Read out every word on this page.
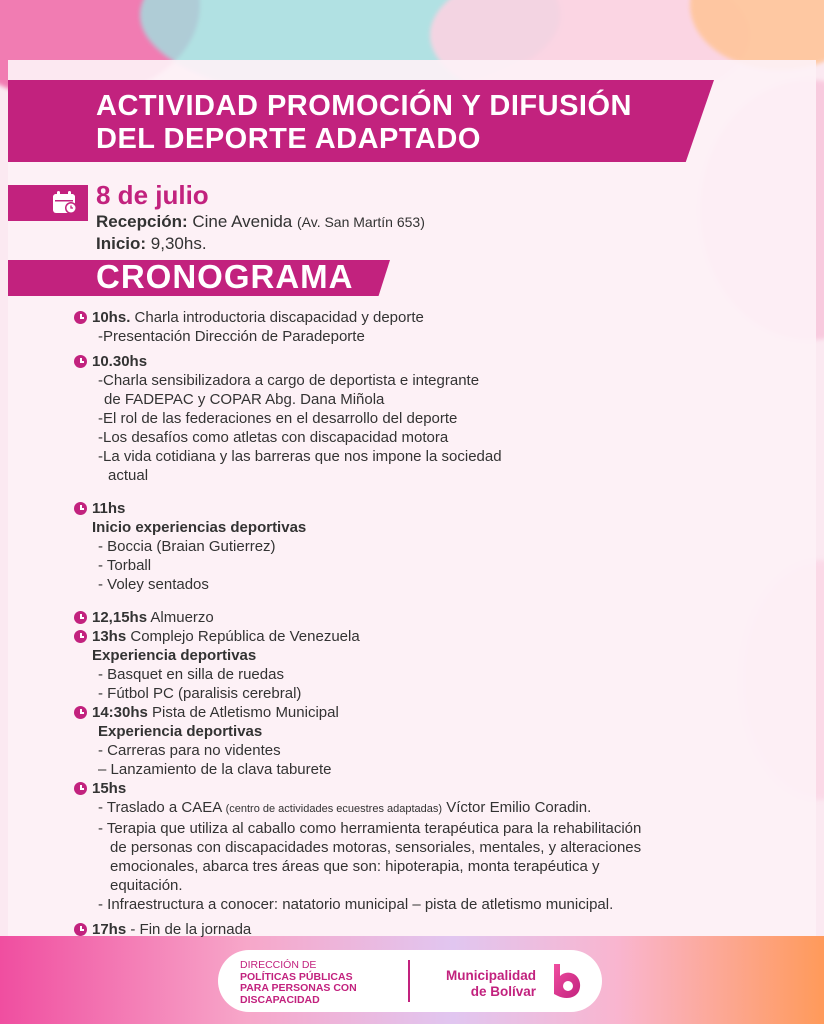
ACTIVIDAD PROMOCIÓN Y DIFUSIÓN
DEL DEPORTE ADAPTADO
8 de julio
Recepción: Cine Avenida (Av. San Martín 653)
Inicio: 9,30hs.
CRONOGRAMA
10hs. Charla introductoria discapacidad y deporte
-Presentación Dirección de Paradeporte
10.30hs
-Charla sensibilizadora a cargo de deportista e integrante
de FADEPAC y COPAR Abg. Dana Miñola
-El rol de las federaciones en el desarrollo del deporte
-Los desafíos como atletas con discapacidad motora
-La vida cotidiana y las barreras que nos impone la sociedad
actual
11hs
Inicio experiencias deportivas
- Boccia (Braian Gutierrez)
- Torball
- Voley sentados
12,15hs Almuerzo
13hs Complejo República de Venezuela
Experiencia deportivas
- Basquet en silla de ruedas
- Fútbol PC (paralisis cerebral)
14:30hs Pista de Atletismo Municipal
Experiencia deportivas
- Carreras para no videntes
– Lanzamiento de la clava taburete
15hs
- Traslado a CAEA (centro de actividades ecuestres adaptadas) Víctor Emilio Coradin.
- Terapia que utiliza al caballo como herramienta terapéutica para la rehabilitación
de personas con discapacidades motoras, sensoriales, mentales, y alteraciones
emocionales, abarca tres áreas que son: hipoterapia, monta terapéutica y
equitación.
- Infraestructura a conocer: natatorio municipal – pista de atletismo municipal.
17hs - Fin de la jornada
DIRECCIÓN DE
POLÍTICAS PÚBLICAS
PARA PERSONAS CON
DISCAPACIDAD
Municipalidad
de Bolívar
